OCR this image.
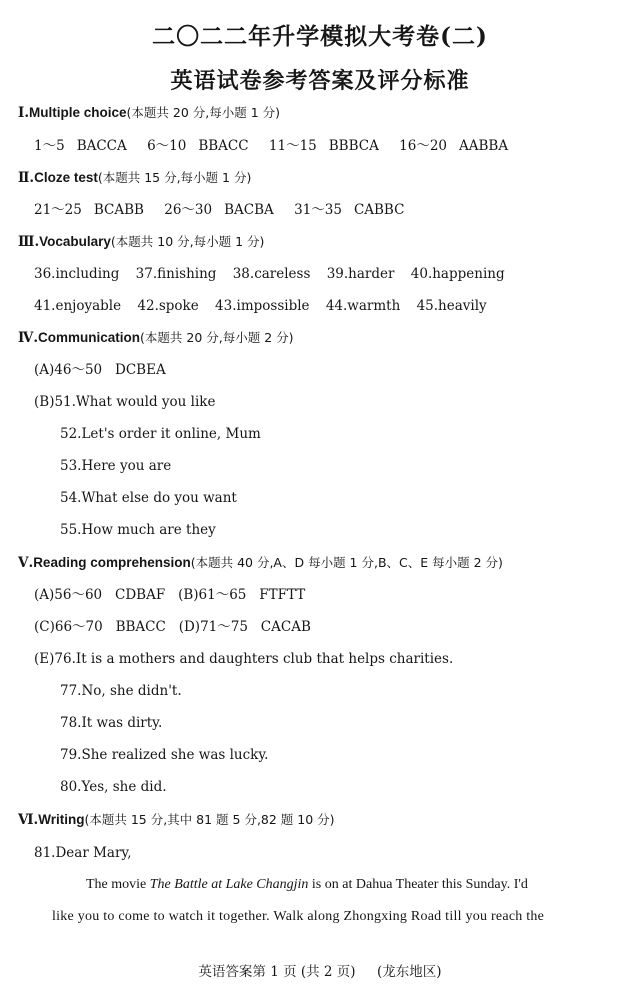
二〇二二年升学模拟大考卷(二)
英语试卷参考答案及评分标准
Ⅰ.Multiple choice(本题共 20 分,每小题 1 分)
1～5 BACCA 6～10 BBACC 11～15 BBBCA 16～20 AABBA
Ⅱ.Cloze test(本题共 15 分,每小题 1 分)
21～25 BCABB 26～30 BACBA 31～35 CABBC
Ⅲ.Vocabulary(本题共 10 分,每小题 1 分)
36.including 37.finishing 38.careless 39.harder 40.happening
41.enjoyable 42.spoke 43.impossible 44.warmth 45.heavily
Ⅳ.Communication(本题共 20 分,每小题 2 分)
(A)46～50   DCBEA
(B)51.What would you like
52.Let's order it online, Mum
53.Here you are
54.What else do you want
55.How much are they
Ⅴ.Reading comprehension(本题共 40 分,A、D 每小题 1 分,B、C、E 每小题 2 分)
(A)56～60   CDBAF   (B)61～65   FTFTT
(C)66～70   BBACC   (D)71～75   CACAB
(E)76.It is a mothers and daughters club that helps charities.
77.No, she didn't.
78.It was dirty.
79.She realized she was lucky.
80.Yes, she did.
Ⅵ.Writing(本题共 15 分,其中 81 题 5 分,82 题 10 分)
81.Dear Mary,
The movie The Battle at Lake Changjin is on at Dahua Theater this Sunday. I'd
like you to come to watch it together. Walk along Zhongxing Road till you reach the
英语答案第 1 页 (共 2 页)     (龙东地区)
